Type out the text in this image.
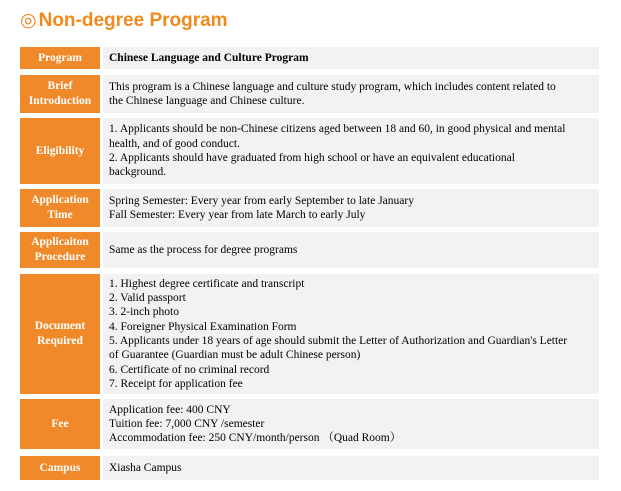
◎ Non-degree Program
Program	Chinese Language and Culture Program
Brief
Introduction
This program is a Chinese language and culture study program, which includes content related to
the Chinese language and Chinese culture.
Eligibility
1. Applicants should be non-Chinese citizens aged between 18 and 60, in good physical and mental
health, and of good conduct.
2. Applicants should have graduated from high school or have an equivalent educational
background.
Application
Time
Spring Semester: Every year from early September to late January
Fall Semester: Every year from late March to early July
Applicaiton
Procedure
Same as the process for degree programs
Document
Required
1. Highest degree certificate and transcript
2. Valid passport
3. 2-inch photo
4. Foreigner Physical Examination Form
5. Applicants under 18 years of age should submit the Letter of Authorization and Guardian's Letter
of Guarantee (Guardian must be adult Chinese person)
6. Certificate of no criminal record
7. Receipt for application fee
Fee
Application fee: 400 CNY
Tuition fee: 7,000 CNY /semester
Accommodation fee: 250 CNY/month/person （Quad Room）
Campus	Xiasha Campus
